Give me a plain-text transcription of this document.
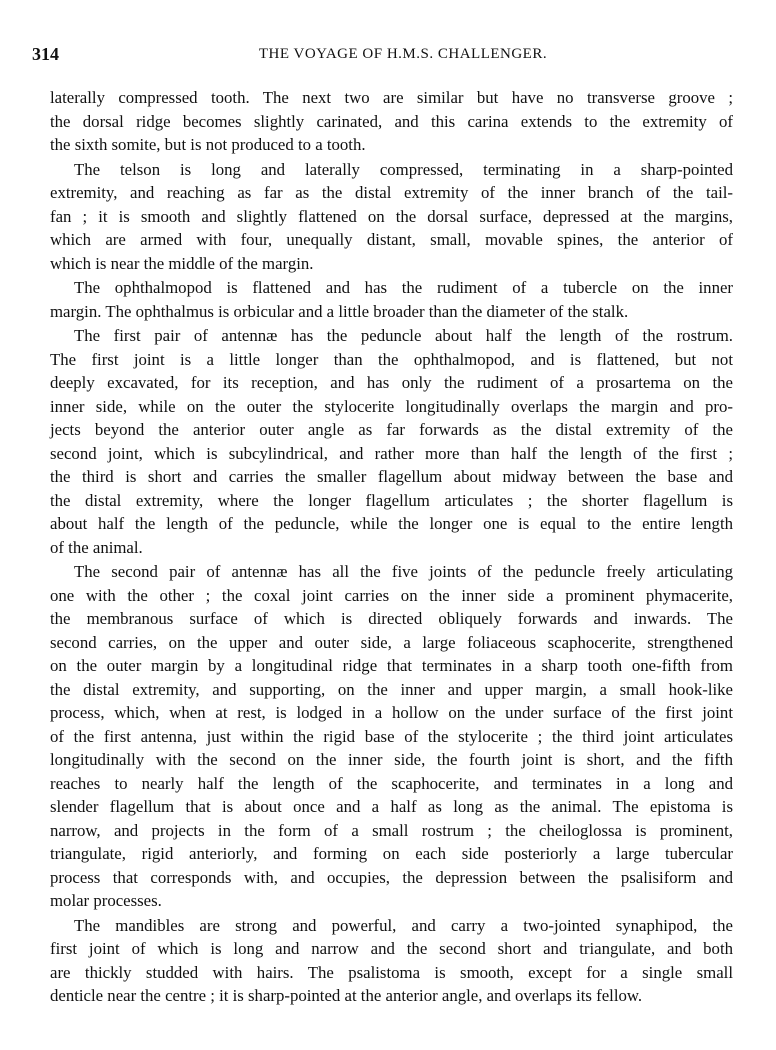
314	THE VOYAGE OF H.M.S. CHALLENGER.
laterally compressed tooth. The next two are similar but have no transverse groove ;
the dorsal ridge becomes slightly carinated, and this carina extends to the extremity of
the sixth somite, but is not produced to a tooth.
The telson is long and laterally compressed, terminating in a sharp-pointed
extremity, and reaching as far as the distal extremity of the inner branch of the tail-
fan ; it is smooth and slightly flattened on the dorsal surface, depressed at the margins,
which are armed with four, unequally distant, small, movable spines, the anterior of
which is near the middle of the margin.
The ophthalmopod is flattened and has the rudiment of a tubercle on the inner
margin. The ophthalmus is orbicular and a little broader than the diameter of the stalk.
The first pair of antennæ has the peduncle about half the length of the rostrum.
The first joint is a little longer than the ophthalmopod, and is flattened, but not
deeply excavated, for its reception, and has only the rudiment of a prosartema on the
inner side, while on the outer the stylocerite longitudinally overlaps the margin and pro-
jects beyond the anterior outer angle as far forwards as the distal extremity of the
second joint, which is subcylindrical, and rather more than half the length of the first ;
the third is short and carries the smaller flagellum about midway between the base and
the distal extremity, where the longer flagellum articulates ; the shorter flagellum is
about half the length of the peduncle, while the longer one is equal to the entire length
of the animal.
The second pair of antennæ has all the five joints of the peduncle freely articulating
one with the other ; the coxal joint carries on the inner side a prominent phymacerite,
the membranous surface of which is directed obliquely forwards and inwards. The
second carries, on the upper and outer side, a large foliaceous scaphocerite, strengthened
on the outer margin by a longitudinal ridge that terminates in a sharp tooth one-fifth from
the distal extremity, and supporting, on the inner and upper margin, a small hook-like
process, which, when at rest, is lodged in a hollow on the under surface of the first joint
of the first antenna, just within the rigid base of the stylocerite ; the third joint articulates
longitudinally with the second on the inner side, the fourth joint is short, and the fifth
reaches to nearly half the length of the scaphocerite, and terminates in a long and
slender flagellum that is about once and a half as long as the animal. The epistoma is
narrow, and projects in the form of a small rostrum ; the cheiloglossa is prominent,
triangulate, rigid anteriorly, and forming on each side posteriorly a large tubercular
process that corresponds with, and occupies, the depression between the psalisiform and
molar processes.
The mandibles are strong and powerful, and carry a two-jointed synaphipod, the
first joint of which is long and narrow and the second short and triangulate, and both
are thickly studded with hairs. The psalistoma is smooth, except for a single small
denticle near the centre ; it is sharp-pointed at the anterior angle, and overlaps its fellow.
